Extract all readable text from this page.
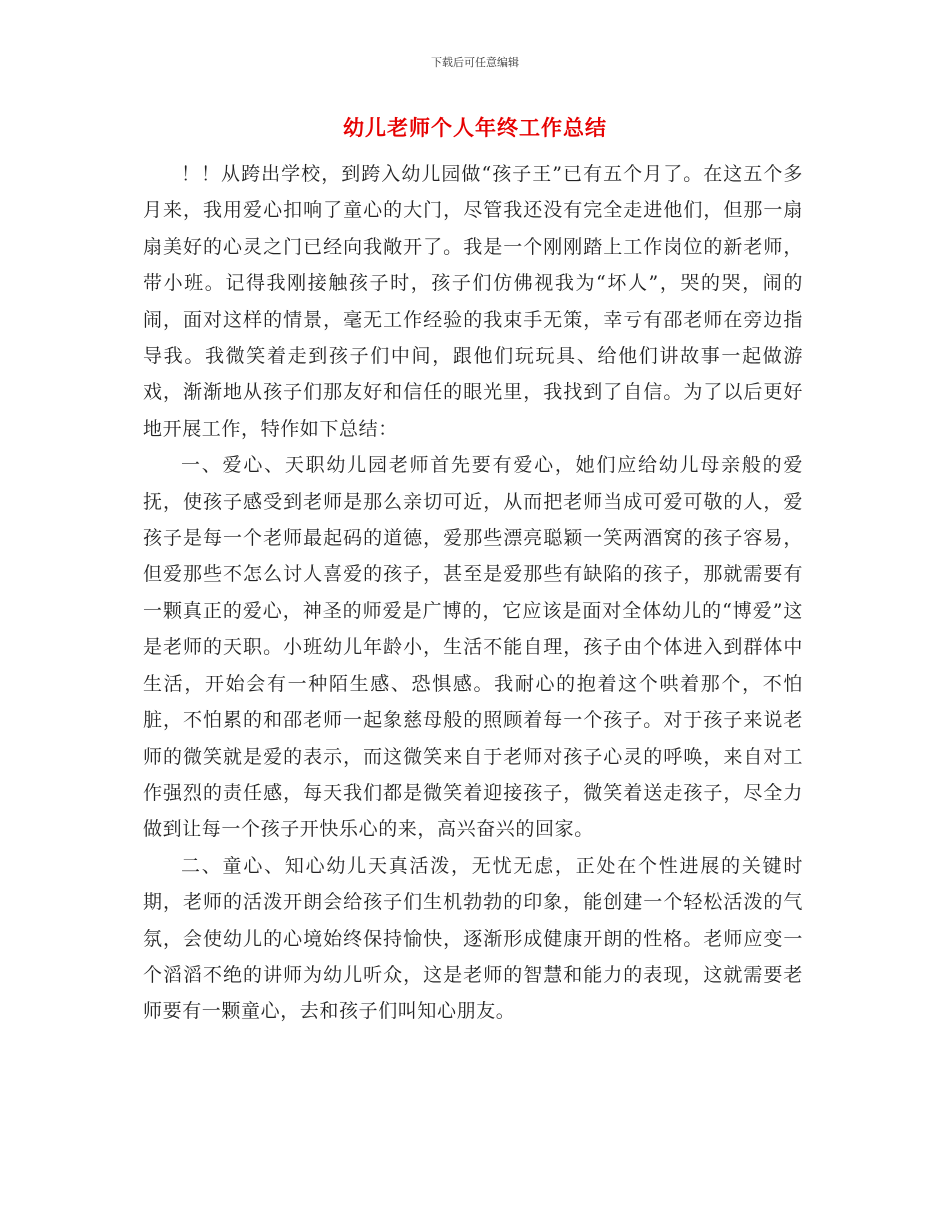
下载后可任意编辑
幼儿老师个人年终工作总结

！！从跨出学校，到跨入幼儿园做“孩子王”已有五个月了。在这五个多月来，我用爱心扣响了童心的大门，尽管我还没有完全走进他们，但那一扇扇美好的心灵之门已经向我敞开了。我是一个刚刚踏上工作岗位的新老师，带小班。记得我刚接触孩子时，孩子们仿佛视我为“坏人”，哭的哭，闹的闹，面对这样的情景，毫无工作经验的我束手无策，幸亏有邵老师在旁边指导我。我微笑着走到孩子们中间，跟他们玩玩具、给他们讲故事一起做游戏，渐渐地从孩子们那友好和信任的眼光里，我找到了自信。为了以后更好地开展工作，特作如下总结：

一、爱心、天职幼儿园老师首先要有爱心，她们应给幼儿母亲般的爱抚，使孩子感受到老师是那么亲切可近，从而把老师当成可爱可敬的人，爱孩子是每一个老师最起码的道德，爱那些漂亮聪颖一笑两酒窝的孩子容易，但爱那些不怎么讨人喜爱的孩子，甚至是爱那些有缺陷的孩子，那就需要有一颗真正的爱心，神圣的师爱是广博的，它应该是面对全体幼儿的“博爱”这是老师的天职。小班幼儿年龄小，生活不能自理，孩子由个体进入到群体中生活，开始会有一种陌生感、恐惧感。我耐心的抱着这个哄着那个，不怕脏，不怕累的和邵老师一起象慈母般的照顾着每一个孩子。对于孩子来说老师的微笑就是爱的表示，而这微笑来自于老师对孩子心灵的呼唤，来自对工作强烈的责任感，每天我们都是微笑着迎接孩子，微笑着送走孩子，尽全力做到让每一个孩子开快乐心的来，高兴奋兴的回家。

二、童心、知心幼儿天真活泼，无忧无虑，正处在个性进展的关键时期，老师的活泼开朗会给孩子们生机勃勃的印象，能创建一个轻松活泼的气氛，会使幼儿的心境始终保持愉快，逐渐形成健康开朗的性格。老师应变一个滔滔不绝的讲师为幼儿听众，这是老师的智慧和能力的表现，这就需要老师要有一颗童心，去和孩子们叫知心朋友。
